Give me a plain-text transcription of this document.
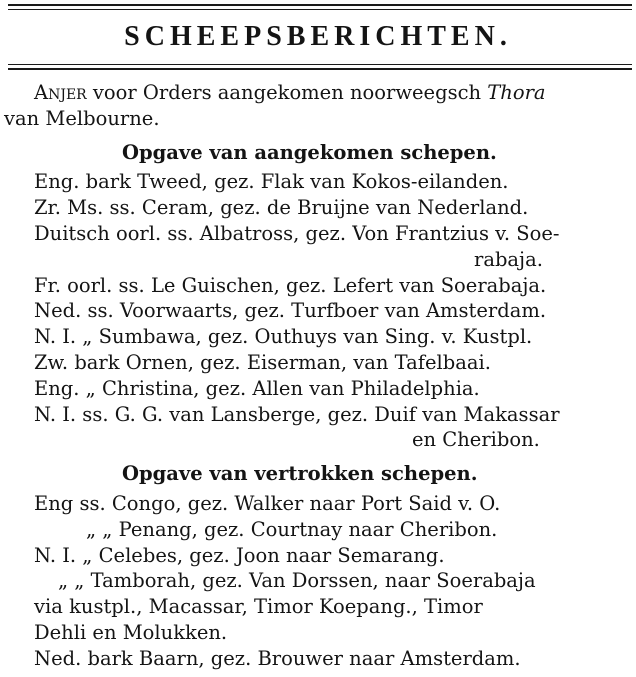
SCHEEPSBERICHTEN.
Anjer voor Orders aangekomen noorweegsch Thora
van Melbourne.
Opgave van aangekomen schepen.
Eng. bark Tweed, gez. Flak van Kokos-eilanden.
Zr. Ms. ss. Ceram, gez. de Bruijne van Nederland.
Duitsch oorl. ss. Albatross, gez. Von Frantzius v. Soe-
rabaja.
Fr. oorl. ss. Le Guischen, gez. Lefert van Soerabaja.
Ned. ss. Voorwaarts, gez. Turfboer van Amsterdam.
N. I. „ Sumbawa, gez. Outhuys van Sing. v. Kustpl.
Zw. bark Ornen, gez. Eiserman, van Tafelbaai.
Eng. „ Christina, gez. Allen van Philadelphia.
N. I. ss. G. G. van Lansberge, gez. Duif van Makassar
en Cheribon.
Opgave van vertrokken schepen.
Eng ss. Congo, gez. Walker naar Port Said v. O.
„ „ Penang, gez. Courtnay naar Cheribon.
N. I. „ Celebes, gez. Joon naar Semarang.
„ „ Tamborah, gez. Van Dorssen, naar Soerabaja
via kustpl., Macassar, Timor Koepang., Timor
Dehli en Molukken.
Ned. bark Baarn, gez. Brouwer naar Amsterdam.
